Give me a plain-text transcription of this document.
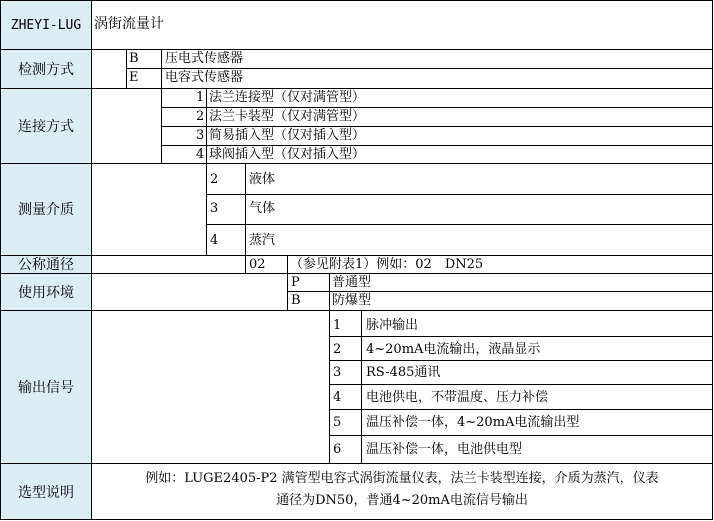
ZHEYI-LUG
检测方式
连接方式
测量介质
公称通径
使用环境
输出信号
选型说明
涡街流量计
B 压电式传感器
E 电容式传感器
1 法兰连接型（仅对满管型）
2 法兰卡装型（仅对满管型）
3 简易插入型（仅对插入型）
4 球阀插入型（仅对插入型）
2 液体
3 气体
4 蒸汽
02 （参见附表1）例如：02　DN25
P 普通型
B 防爆型
1 脉冲输出
2 4~20mA电流输出，液晶显示
3 RS-485通讯
4 电池供电，不带温度、压力补偿
5 温压补偿一体，4~20mA电流输出型
6 温压补偿一体，电池供电型
例如：LUGE2405-P2 满管型电容式涡街流量仪表，法兰卡装型连接，介质为蒸汽，仪表
通径为DN50，普通4~20mA电流信号输出
